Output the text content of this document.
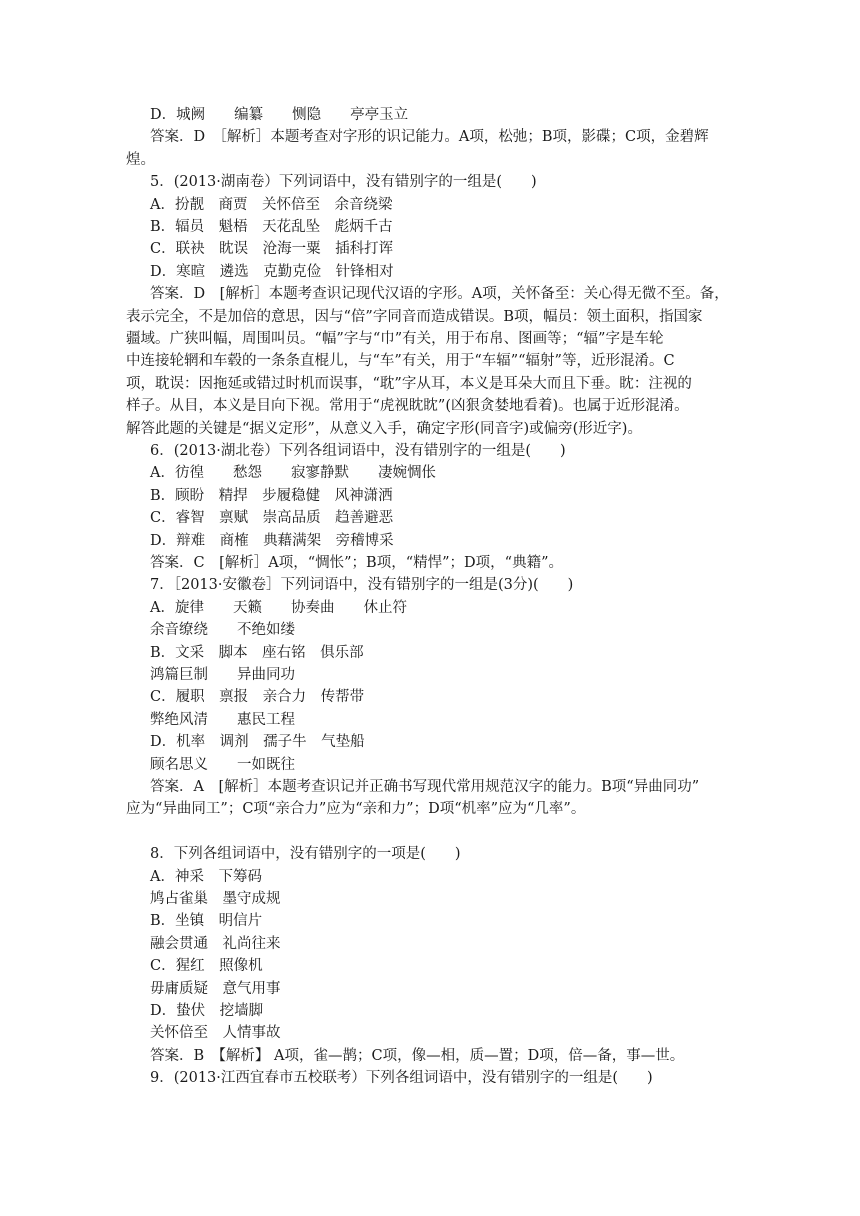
D．城阙　　编纂　　恻隐　　亭亭玉立
答案．D　［解析］本题考查对字形的识记能力。A项，松弛；B项，影碟；C项，金碧辉
煌。
5．(2013·湖南卷）下列词语中，没有错别字的一组是(　　)
A．扮靓　商贾　关怀倍至　余音绕梁
B．辐员　魁梧　天花乱坠　彪炳千古
C．联袂　眈误　沧海一粟　插科打诨
D．寒暄　遴选　克勤克俭　针锋相对
答案．D　[解析］本题考查识记现代汉语的字形。A项，关怀备至：关心得无微不至。备，
表示完全，不是加倍的意思，因与“倍”字同音而造成错误。B项，幅员：领土面积，指国家
疆域。广狭叫幅，周围叫员。“幅”字与“巾”有关，用于布帛、图画等；“辐”字是车轮
中连接轮辋和车毂的一条条直棍儿，与“车”有关，用于“车辐”“辐射”等，近形混淆。C
项，耽误：因拖延或错过时机而误事，“耽”字从耳，本义是耳朵大而且下垂。眈：注视的
样子。从目，本义是目向下视。常用于“虎视眈眈”(凶狠贪婪地看着)。也属于近形混淆。
解答此题的关键是“据义定形”，从意义入手，确定字形(同音字)或偏旁(形近字)。
6．(2013·湖北卷）下列各组词语中，没有错别字的一组是(　　)
A．彷徨　　愁怨　　寂寥静默　　凄婉惆伥
B．顾盼　精捍　步履稳健　风神潇洒
C．睿智　禀赋　崇高品质　趋善避恶
D．辩难　商榷　典藉满架　旁稽博采
答案．C　[解析］A项，“惆怅”；B项，“精悍”；D项，“典籍”。
7．［2013·安徽卷］下列词语中，没有错别字的一组是(3分)(　　)
A．旋律　　天籁　　协奏曲　　休止符
余音缭绕　　不绝如缕
B．文采　脚本　座右铭　俱乐部
鸿篇巨制　　异曲同功
C．履职　禀报　亲合力　传帮带
弊绝风清　　惠民工程
D．机率　调剂　孺子牛　气垫船
顾名思义　　一如既往
答案．A　[解析］本题考查识记并正确书写现代常用规范汉字的能力。B项“异曲同功”
应为“异曲同工”；C项“亲合力”应为“亲和力”；D项“机率”应为“几率”。
8．下列各组词语中，没有错别字的一项是(　　)
A．神采　下筹码
鸠占雀巢　墨守成规
B．坐镇　明信片
融会贯通　礼尚往来
C．猩红　照像机
毋庸质疑　意气用事
D．蛰伏　挖墙脚
关怀倍至　人情事故
答案．B　【解析】 A项，雀—鹊；C项，像—相，质—置；D项，倍—备，事—世。
9．(2013·江西宜春市五校联考）下列各组词语中，没有错别字的一组是(　　)
